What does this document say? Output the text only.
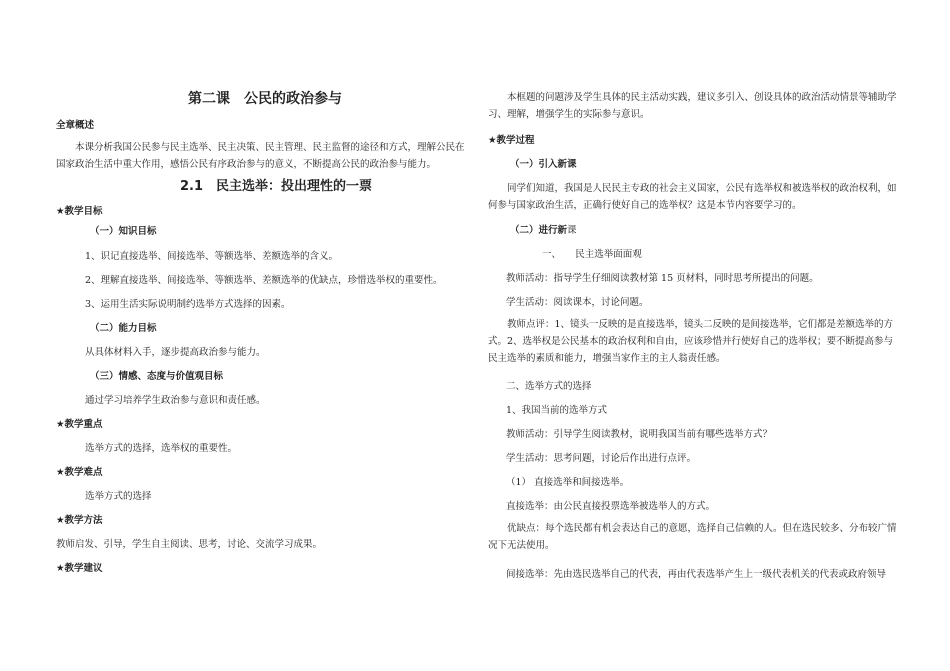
第二课　公民的政治参与
全章概述
本课分析我国公民参与民主选举、民主决策、民主管理、民主监督的途径和方式，理解公民在国家政治生活中重大作用，感悟公民有序政治参与的意义，不断提高公民的政治参与能力。
2.1　民主选举：投出理性的一票
★教学目标
（一）知识目标
1、识记直接选举、间接选举、等额选举、差额选举的含义。
2、理解直接选举、间接选举、等额选举、差额选举的优缺点，珍惜选举权的重要性。
3、运用生活实际说明制约选举方式选择的因素。
（二）能力目标
从具体材料入手，逐步提高政治参与能力。
（三）情感、态度与价值观目标
通过学习培养学生政治参与意识和责任感。
★教学重点
选举方式的选择，选举权的重要性。
★教学难点
选举方式的选择
★教学方法
教师启发、引导，学生自主阅读、思考，讨论、交流学习成果。
★教学建议
本框题的问题涉及学生具体的民主活动实践，建议多引入、创设具体的政治活动情景等辅助学习、理解，增强学生的实际参与意识。
★教学过程
（一）引入新课
同学们知道，我国是人民民主专政的社会主义国家，公民有选举权和被选举权的政治权利，如何参与国家政治生活，正确行使好自己的选举权？这是本节内容要学习的。
（二）进行新课
一、　　民主选举面面观
教师活动：指导学生仔细阅读教材第 15 页材料，同时思考所提出的问题。
学生活动：阅读课本，讨论问题。
教师点评：1、镜头一反映的是直接选举，镜头二反映的是间接选举，它们都是差额选举的方式。2、选举权是公民基本的政治权利和自由，应该珍惜并行使好自己的选举权；要不断提高参与民主选举的素质和能力，增强当家作主的主人翁责任感。
二、选举方式的选择
1、我国当前的选举方式
教师活动：引导学生阅读教材，说明我国当前有哪些选举方式？
学生活动：思考问题，讨论后作出进行点评。
（1） 直接选举和间接选举。
直接选举：由公民直接投票选举被选举人的方式。
优缺点：每个选民都有机会表达自己的意愿，选择自己信赖的人。但在选民较多、分布较广情况下无法使用。
间接选举：先由选民选举自己的代表，再由代表选举产生上一级代表机关的代表或政府领导
